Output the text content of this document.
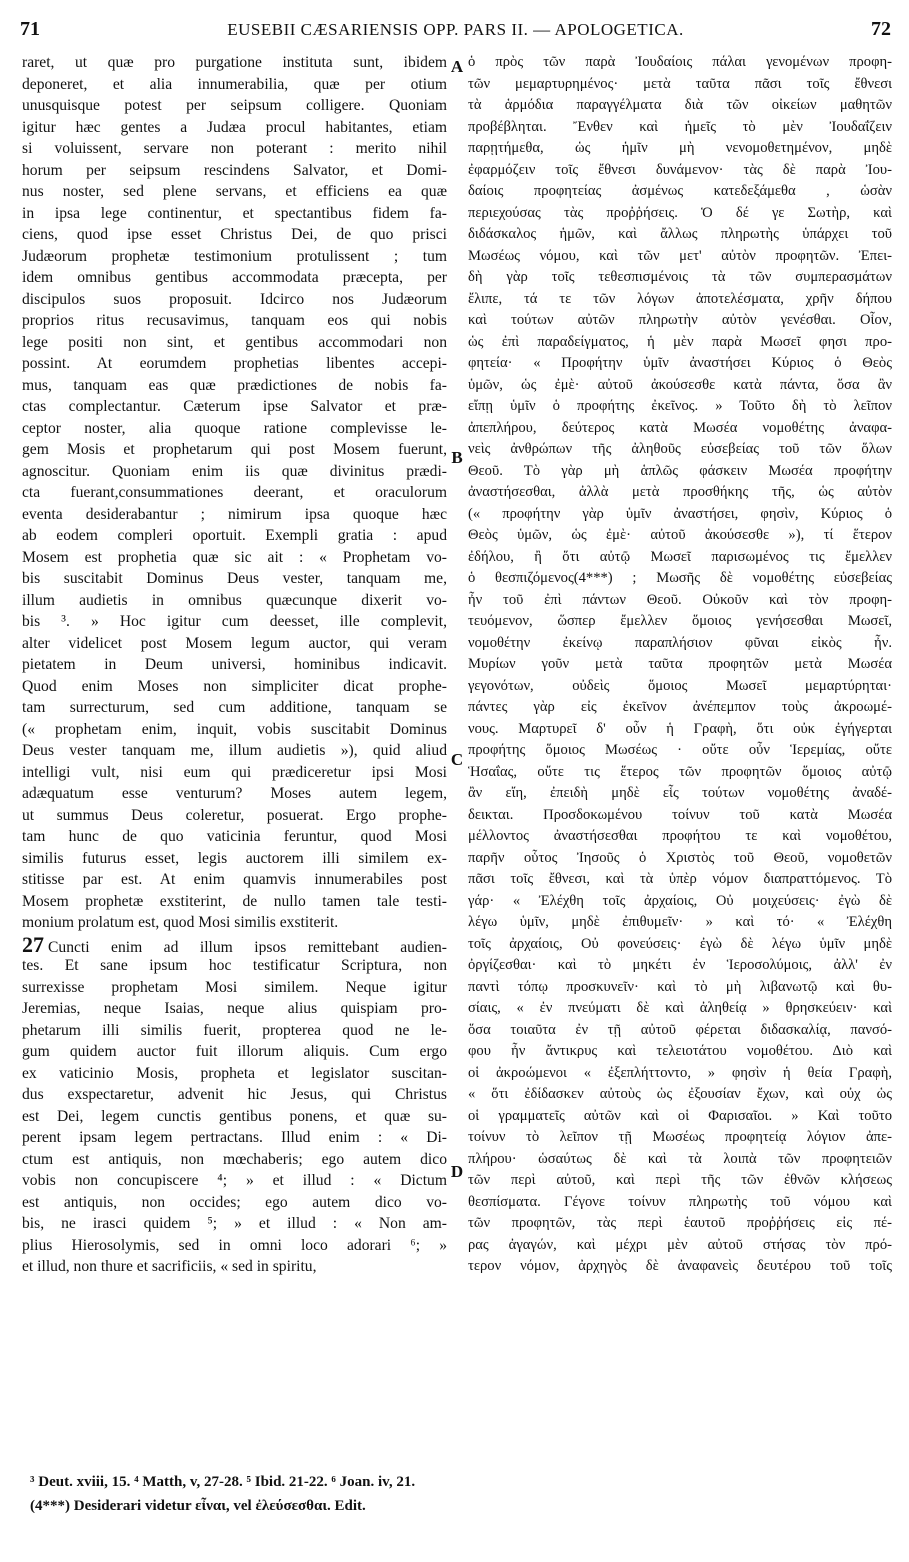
71	EUSEBII CÆSARIENSIS OPP. PARS II. — APOLOGETICA.	72
raret, ut quæ pro purgatione instituta sunt, ibidem
deponeret, et alia innumerabilia, quæ per otium
unusquisque potest per seipsum colligere. Quoniam
igitur hæc gentes a Judæa procul habitantes, etiam
si voluissent, servare non poterant : merito nihil
horum per seipsum rescindens Salvator, et Domi-
nus noster, sed plene servans, et efficiens ea quæ
in ipsa lege continentur, et spectantibus fidem fa-
ciens, quod ipse esset Christus Dei, de quo prisci
Judæorum prophetæ testimonium protulissent ; tum
idem omnibus gentibus accommodata præcepta, per
discipulos suos proposuit. Idcirco nos Judæorum
proprios ritus recusavimus, tanquam eos qui nobis
lege positi non sint, et gentibus accommodari non
possint. At eorumdem prophetias libentes accepi-
mus, tanquam eas quæ prædictiones de nobis fa-
ctas complectantur. Cæterum ipse Salvator et præ-
ceptor noster, alia quoque ratione complevisse le-
gem Mosis et prophetarum qui post Mosem fuerunt,
agnoscitur. Quoniam enim iis quæ divinitus prædi-
cta fuerant,consummationes deerant, et oraculorum
eventa desiderabantur ; nimirum ipsa quoque hæc
ab eodem compleri oportuit. Exempli gratia : apud
Mosem est prophetia quæ sic ait : « Prophetam vo-
bis suscitabit Dominus Deus vester, tanquam me,
illum audietis in omnibus quæcunque dixerit vo-
bis ³. » Hoc igitur cum deesset, ille complevit,
alter videlicet post Mosem legum auctor, qui veram
pietatem in Deum universi, hominibus indicavit.
Quod enim Moses non simpliciter dicat prophe-
tam surrecturum, sed cum additione, tanquam se
(« prophetam enim, inquit, vobis suscitabit Dominus
Deus vester tanquam me, illum audietis »), quid aliud
intelligi vult, nisi eum qui prædiceretur ipsi Mosi
adæquatum esse venturum? Moses autem legem,
ut summus Deus coleretur, posuerat. Ergo prophe-
tam hunc de quo vaticinia feruntur, quod Mosi
similis futurus esset, legis auctorem illi similem ex-
stitisse par est. At enim quamvis innumerabiles post
Mosem prophetæ exstiterint, de nullo tamen tale testi-
monium prolatum est, quod Mosi similis exstiterit.
27 Cuncti enim ad illum ipsos remittebant audien-
tes. Et sane ipsum hoc testificatur Scriptura, non
surrexisse prophetam Mosi similem. Neque igitur
Jeremias, neque Isaias, neque alius quispiam pro-
phetarum illi similis fuerit, propterea quod ne le-
gum quidem auctor fuit illorum aliquis. Cum ergo
ex vaticinio Mosis, propheta et legislator suscitan-
dus exspectaretur, advenit hic Jesus, qui Christus
est Dei, legem cunctis gentibus ponens, et quæ su-
perent ipsam legem pertractans. Illud enim : « Di-
ctum est antiquis, non mœchaberis; ego autem dico
vobis non concupiscere ⁴; » et illud : « Dictum
est antiquis, non occides; ego autem dico vo-
bis, ne irasci quidem ⁵; » et illud : « Non am-
plius Hierosolymis, sed in omni loco adorari ⁶; »
et illud, non thure et sacrificiis, « sed in spiritu,
ὁ πρὸς τῶν παρὰ Ἰουδαίοις πάλαι γενομένων προφη-
τῶν μεμαρτυρημένος· μετὰ ταῦτα πᾶσι τοῖς ἔθνεσι
τὰ ἁρμόδια παραγγέλματα διὰ τῶν οἰκείων μαθητῶν
προβέβληται. Ἔνθεν καὶ ἡμεῖς τὸ μὲν Ἰουδαΐζειν
παρῃτήμεθα, ὡς ἡμῖν μὴ νενομοθετημένον, μηδὲ
ἐφαρμόζειν τοῖς ἔθνεσι δυνάμενον· τὰς δὲ παρὰ Ἰου-
δαίοις προφητείας ἀσμένως κατεδεξάμεθα , ὡσὰν
περιεχούσας τὰς προῤῥήσεις. Ὁ δέ γε Σωτὴρ, καὶ
διδάσκαλος ἡμῶν, καὶ ἄλλως πληρωτὴς ὑπάρχει τοῦ
Μωσέως νόμου, καὶ τῶν μετ' αὐτὸν προφητῶν. Ἐπει-
δὴ γὰρ τοῖς τεθεσπισμένοις τὰ τῶν συμπερασμάτων
ἔλιπε, τά τε τῶν λόγων ἀποτελέσματα, χρῆν δήπου
καὶ τούτων αὐτῶν πληρωτὴν αὐτὸν γενέσθαι. Οἷον,
ὡς ἐπὶ παραδείγματος, ἡ μὲν παρὰ Μωσεῖ φησι προ-
φητεία· « Προφήτην ὑμῖν ἀναστήσει Κύριος ὁ Θεὸς
ὑμῶν, ὡς ἐμὲ· αὐτοῦ ἀκούσεσθε κατὰ πάντα, ὅσα ἂν
εἴπῃ ὑμῖν ὁ προφήτης ἐκεῖνος. » Τοῦτο δὴ τὸ λεῖπον
ἀπεπλήρου, δεύτερος κατὰ Μωσέα νομοθέτης ἀναφα-
νεὶς ἀνθρώπων τῆς ἀληθοῦς εὐσεβείας τοῦ τῶν ὅλων
Θεοῦ. Τὸ γὰρ μὴ ἁπλῶς φάσκειν Μωσέα προφήτην
ἀναστήσεσθαι, ἀλλὰ μετὰ προσθήκης τῆς, ὡς αὐτὸν
(« προφήτην γὰρ ὑμῖν ἀναστήσει, φησὶν, Κύριος ὁ
Θεὸς ὑμῶν, ὡς ἐμὲ· αὐτοῦ ἀκούσεσθε »), τί ἕτερον
ἐδήλου, ἢ ὅτι αὐτῷ Μωσεῖ παρισωμένος τις ἔμελλεν
ὁ θεσπιζόμενος(4***) ; Μωσῆς δὲ νομοθέτης εὐσεβείας
ἦν τοῦ ἐπὶ πάντων Θεοῦ. Οὐκοῦν καὶ τὸν προφη-
τευόμενον, ὥσπερ ἔμελλεν ὅμοιος γενήσεσθαι Μωσεῖ,
νομοθέτην ἐκείνῳ παραπλήσιον φῦναι εἰκὸς ἦν.
Μυρίων γοῦν μετὰ ταῦτα προφητῶν μετὰ Μωσέα
γεγονότων, οὐδεὶς ὅμοιος Μωσεῖ μεμαρτύρηται·
πάντες γὰρ εἰς ἐκεῖνον ἀνέπεμπον τοὺς ἀκροωμέ-
νους. Μαρτυρεῖ δ' οὖν ἡ Γραφὴ, ὅτι οὐκ ἐγήγερται
προφήτης ὅμοιος Μωσέως · οὔτε οὖν Ἱερεμίας, οὔτε
Ἡσαΐας, οὔτε τις ἕτερος τῶν προφητῶν ὅμοιος αὐτῷ
ἂν εἴη, ἐπειδὴ μηδὲ εἷς τούτων νομοθέτης ἀναδέ-
δεικται. Προσδοκωμένου τοίνυν τοῦ κατὰ Μωσέα
μέλλοντος ἀναστήσεσθαι προφήτου τε καὶ νομοθέτου,
παρῆν οὗτος Ἰησοῦς ὁ Χριστὸς τοῦ Θεοῦ, νομοθετῶν
πᾶσι τοῖς ἔθνεσι, καὶ τὰ ὑπὲρ νόμον διαπραττόμενος. Τὸ
γάρ· « Ἐλέχθη τοῖς ἀρχαίοις, Οὐ μοιχεύσεις· ἐγὼ δὲ
λέγω ὑμῖν, μηδὲ ἐπιθυμεῖν· » καὶ τό· « Ἐλέχθη
τοῖς ἀρχαίοις, Οὐ φονεύσεις· ἐγὼ δὲ λέγω ὑμῖν μηδὲ
ὀργίζεσθαι· καὶ τὸ μηκέτι ἐν Ἱεροσολύμοις, ἀλλ' ἐν
παντὶ τόπῳ προσκυνεῖν· καὶ τὸ μὴ λιβανωτῷ καὶ θυ-
σίαις, « ἐν πνεύματι δὲ καὶ ἀληθείᾳ » θρησκεύειν· καὶ
ὅσα τοιαῦτα ἐν τῇ αὐτοῦ φέρεται διδασκαλίᾳ, πανσό-
φου ἦν ἄντικρυς καὶ τελειοτάτου νομοθέτου. Διὸ καὶ
οἱ ἀκροώμενοι « ἐξεπλήττοντο, » φησὶν ἡ θεία Γραφὴ,
« ὅτι ἐδίδασκεν αὐτοὺς ὡς ἐξουσίαν ἔχων, καὶ οὐχ ὡς
οἱ γραμματεῖς αὐτῶν καὶ οἱ Φαρισαῖοι. » Καὶ τοῦτο
τοίνυν τὸ λεῖπον τῇ Μωσέως προφητείᾳ λόγιον ἀπε-
πλήρου· ὡσαύτως δὲ καὶ τὰ λοιπὰ τῶν προφητειῶν
τῶν περὶ αὐτοῦ, καὶ περὶ τῆς τῶν ἐθνῶν κλήσεως
θεσπίσματα. Γέγονε τοίνυν πληρωτὴς τοῦ νόμου καὶ
τῶν προφητῶν, τὰς περὶ ἑαυτοῦ προῤῥήσεις εἰς πέ-
ρας ἀγαγών, καὶ μέχρι μὲν αὐτοῦ στήσας τὸν πρό-
τερον νόμον, ἀρχηγὸς δὲ ἀναφανεὶς δευτέρου τοῦ τοῖς
A
B
C
D
³ Deut. xviii, 15. ⁴ Matth, v, 27-28. ⁵ Ibid. 21-22. ⁶ Joan. iv, 21.
(4***) Desiderari videtur εἶναι, vel ἐλεύσεσθαι. Edit.
